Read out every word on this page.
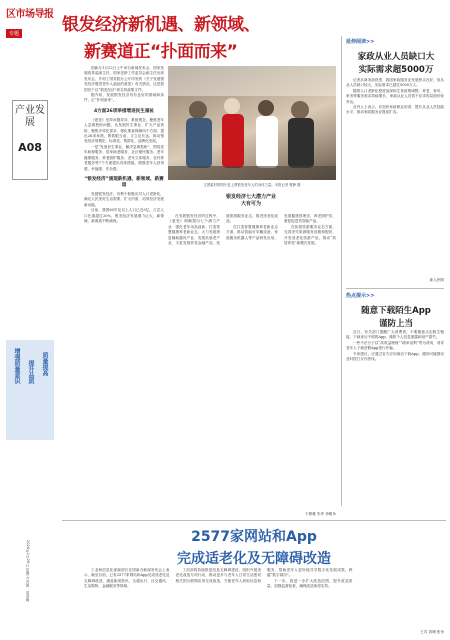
区市场导报
专题
产业发展
A08
增强质量意识 提升品质 质量提高
2024年1月26日 星期五 责编：周治澜
银发经济新机遇、新领域、
新赛道正“扑面而来”

国新办1月22日上午举行新闻发布会，国家发展改革委副主任、国家老龄工作委员会副主任出席发布会，介绍了国务院办公厅印发的《关于发展银发经济增进老年人福祉的意见》有关情况，这是我国首个以“银发经济”命名的政策文件。

据介绍，发展银发经济具有良好的基础和条件，正“扑面而来”。

4方面26项举措增进民生福祉

《意见》坚持问题导向、系统观念，聚焦老年人急难愁盼问题，从发展民生事业、扩大产品供给、聚焦多样化需求、强化要素保障四个方面，提出26项举措，既着眼当前，又立足长远，推动银发经济规模化、标准化、集群化、品牌化发展。

一是“发展民生事业，解决急难愁盼”，围绕老年助餐服务、居家助老服务、社区便民服务、老年健康服务、养老照护服务、老年文体服务、农村养老服务等7个方面提出具体措施，增强老年人获得感、幸福感、安全感。

“银发经济”涌现新机遇、新领域、新赛道

发展银发经济，有利于积极应对人口老龄化，满足人民美好生活需要，扩大内需、培育经济发展新动能。

目前，我国60岁及以上人口已近3亿，占总人口比重超过20%，银发经济发展潜力巨大，新领域、新赛道不断涌现。

文图素材的图片是上图银发老年人的身体力量。本报记者 曹静 摄
银发经济七大潜力产业大有可为

在发展银发经济的过程中，《意见》明确提出七个潜力产业：强化老年用品创新、打造智慧健康养老新业态、大力发展康复辅助器具产业、发展抗衰老产业、丰富发展养老金融产品、拓展旅游服务业态、推进适老化改造。

在打造智慧健康养老新业态方面，推动智能可穿戴设备、家庭服务机器人等产品研发应用，发展健康管理类、养老照护类、康复促进类智能产品。

在拓展旅游服务业态方面，完善老年旅游服务设施和配套，开发适老化旅游产品，推动“旅居养老”新模式发展。

于倩雅 朱华 李雅争
延伸阅读>>
家政从业人员缺口大
实际需求超5000万

记者从商务部获悉，我国家政服务业发展势头良好，但从业人员缺口较大，实际需求已超过5000万人。

随着人口老龄化程度加深和生育政策调整，养老、育幼、家务等服务需求持续增长，家政从业人员供不应求的局面仍较突出。

业内人士表示，应加快家政职业培训，提升从业人员技能水平，推动家政服务业提质扩容。

新人民网
热点提示>>
随意下载陌生App
谨防上当

近日，有关部门提醒广大消费者，不要随意点击陌生链接、下载来历不明的App，谨防个人信息泄露和财产损失。

一些不法分子以“高收益理财”“刷单返利”等为诱饵，诱导老年人下载虚假App进行诈骗。

专家建议，应通过官方应用商店下载App，遇到可疑情况及时拨打反诈热线。

2577家网站和App
完成适老化及无障碍改造

工业和信息化部副部长在国新办新闻发布会上表示，截至目前，已有2577家网站和App完成适老化及无障碍改造，涵盖新闻资讯、交通出行、社交通讯、生活购物、金融服务等领域。

工信部将持续推进信息无障碍建设，组织开展适老化改造专项行动，推动更多与老年人日常生活密切相关的互联网应用完成改造，方便老年人获取信息和服务，帮助老年人更好地共享数字化发展成果，跨越“数字鸿沟”。

下一步，将进一步扩大改造范围，提升改造质量，加强监督检查，确保改造取得实效。

王苏 刘珊 张争
